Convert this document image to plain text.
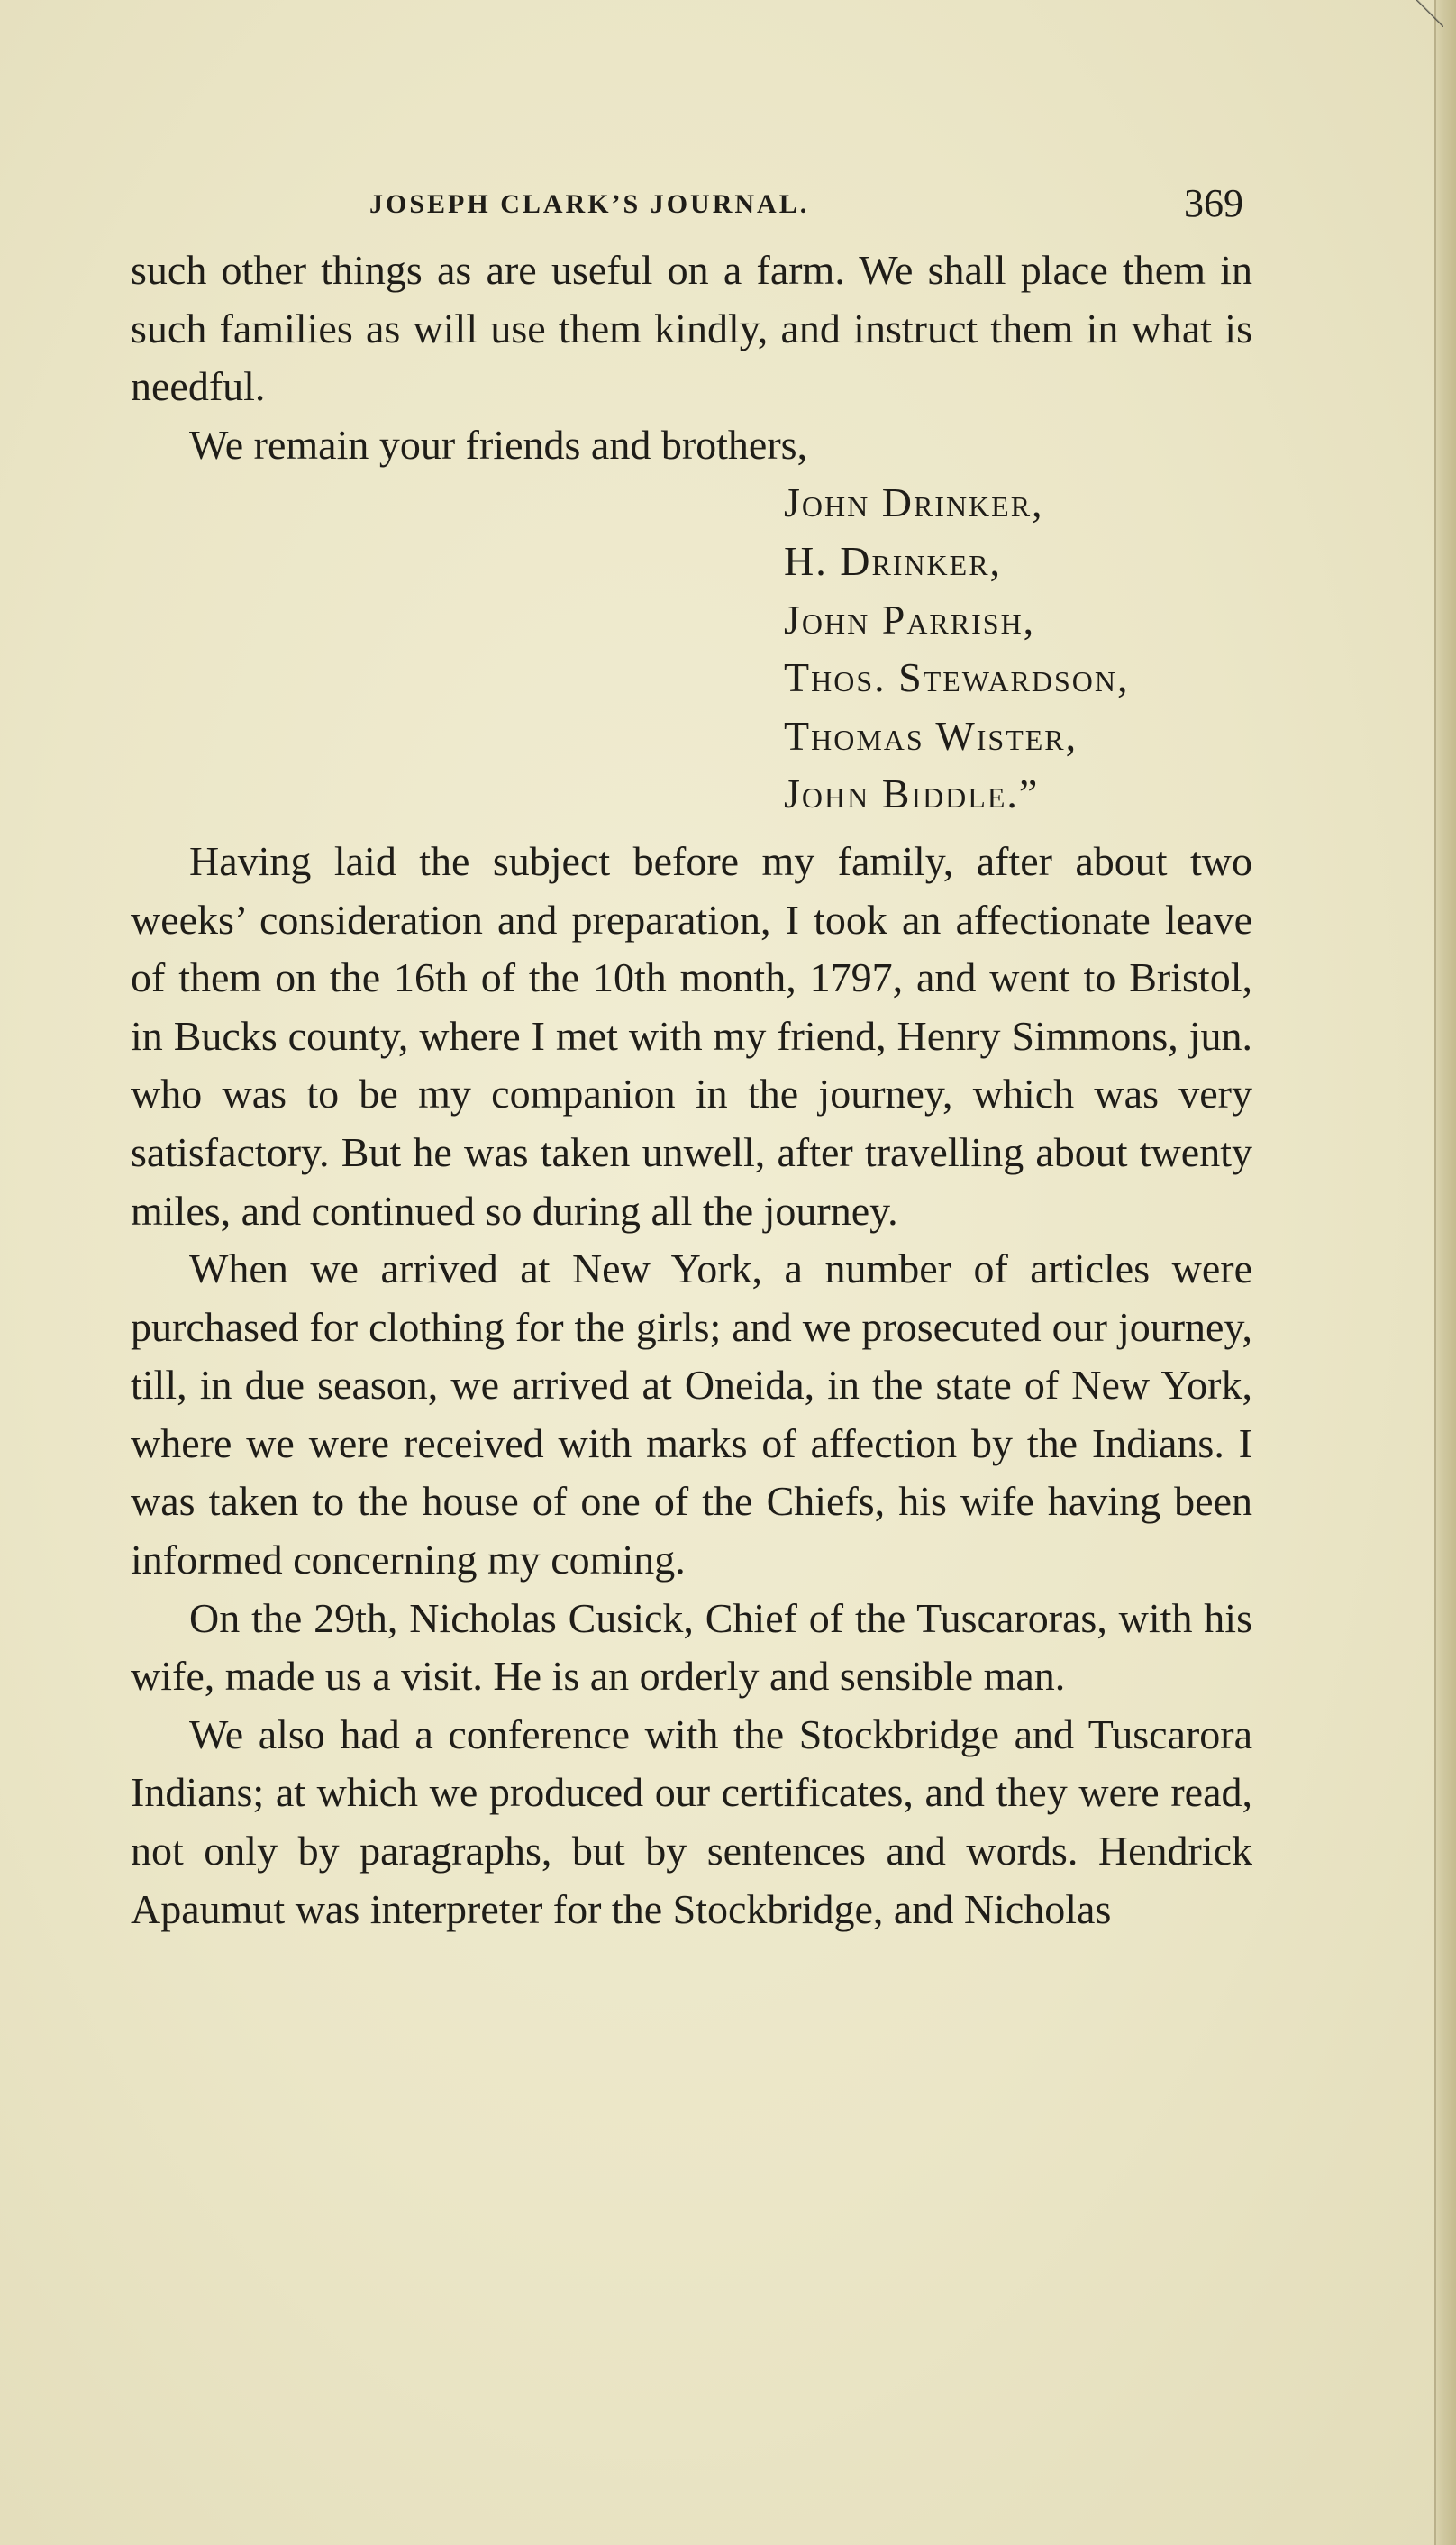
JOSEPH CLARK’S JOURNAL.	369

such other things as are useful on a farm. We shall place them in such families as will use them kindly, and instruct them in what is needful.

We remain your friends and brothers,

John Drinker,
H. Drinker,
John Parrish,
Thos. Stewardson,
Thomas Wister,
John Biddle.”

Having laid the subject before my family, after about two weeks’ consideration and preparation, I took an affectionate leave of them on the 16th of the 10th month, 1797, and went to Bristol, in Bucks county, where I met with my friend, Henry Simmons, jun. who was to be my companion in the journey, which was very satisfactory. But he was taken unwell, after travelling about twenty miles, and continued so during all the journey.

When we arrived at New York, a number of articles were purchased for clothing for the girls; and we prosecuted our journey, till, in due season, we arrived at Oneida, in the state of New York, where we were received with marks of affection by the Indians. I was taken to the house of one of the Chiefs, his wife having been informed concerning my coming.

On the 29th, Nicholas Cusick, Chief of the Tuscaroras, with his wife, made us a visit. He is an orderly and sensible man.

We also had a conference with the Stockbridge and Tuscarora Indians; at which we produced our certificates, and they were read, not only by paragraphs, but by sentences and words. Hendrick Apaumut was interpreter for the Stockbridge, and Nicholas
